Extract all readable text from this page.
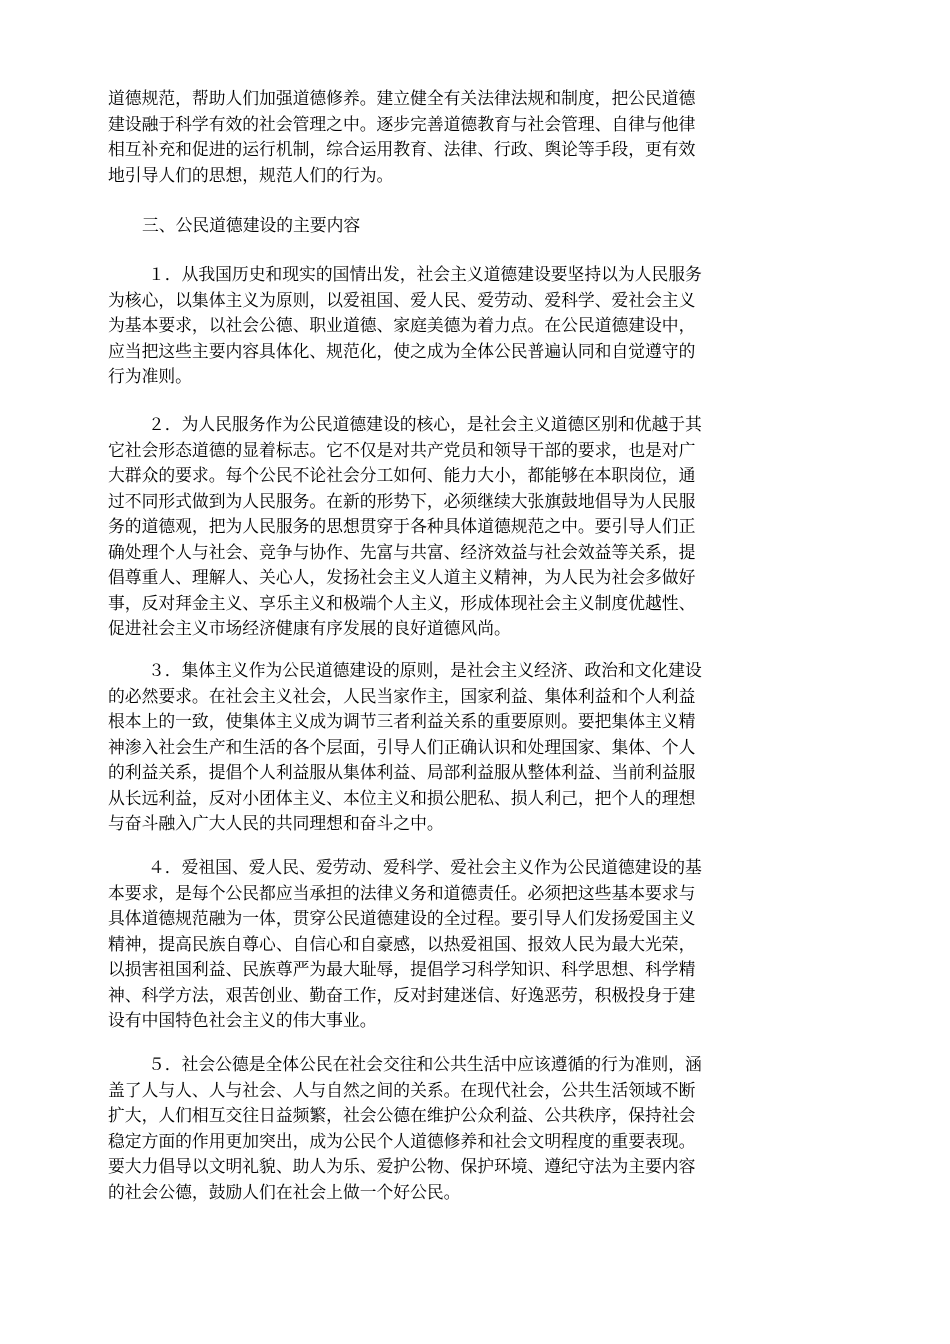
道德规范，帮助人们加强道德修养。建立健全有关法律法规和制度，把公民道德
建设融于科学有效的社会管理之中。逐步完善道德教育与社会管理、自律与他律
相互补充和促进的运行机制，综合运用教育、法律、行政、舆论等手段，更有效
地引导人们的思想，规范人们的行为。
三、公民道德建设的主要内容
１．从我国历史和现实的国情出发，社会主义道德建设要坚持以为人民服务
为核心，以集体主义为原则，以爱祖国、爱人民、爱劳动、爱科学、爱社会主义
为基本要求，以社会公德、职业道德、家庭美德为着力点。在公民道德建设中，
应当把这些主要内容具体化、规范化，使之成为全体公民普遍认同和自觉遵守的
行为准则。
２．为人民服务作为公民道德建设的核心，是社会主义道德区别和优越于其
它社会形态道德的显着标志。它不仅是对共产党员和领导干部的要求，也是对广
大群众的要求。每个公民不论社会分工如何、能力大小，都能够在本职岗位，通
过不同形式做到为人民服务。在新的形势下，必须继续大张旗鼓地倡导为人民服
务的道德观，把为人民服务的思想贯穿于各种具体道德规范之中。要引导人们正
确处理个人与社会、竞争与协作、先富与共富、经济效益与社会效益等关系，提
倡尊重人、理解人、关心人，发扬社会主义人道主义精神，为人民为社会多做好
事，反对拜金主义、享乐主义和极端个人主义，形成体现社会主义制度优越性、
促进社会主义市场经济健康有序发展的良好道德风尚。
３．集体主义作为公民道德建设的原则，是社会主义经济、政治和文化建设
的必然要求。在社会主义社会，人民当家作主，国家利益、集体利益和个人利益
根本上的一致，使集体主义成为调节三者利益关系的重要原则。要把集体主义精
神渗入社会生产和生活的各个层面，引导人们正确认识和处理国家、集体、个人
的利益关系，提倡个人利益服从集体利益、局部利益服从整体利益、当前利益服
从长远利益，反对小团体主义、本位主义和损公肥私、损人利己，把个人的理想
与奋斗融入广大人民的共同理想和奋斗之中。
４．爱祖国、爱人民、爱劳动、爱科学、爱社会主义作为公民道德建设的基
本要求，是每个公民都应当承担的法律义务和道德责任。必须把这些基本要求与
具体道德规范融为一体，贯穿公民道德建设的全过程。要引导人们发扬爱国主义
精神，提高民族自尊心、自信心和自豪感，以热爱祖国、报效人民为最大光荣，
以损害祖国利益、民族尊严为最大耻辱，提倡学习科学知识、科学思想、科学精
神、科学方法，艰苦创业、勤奋工作，反对封建迷信、好逸恶劳，积极投身于建
设有中国特色社会主义的伟大事业。
５．社会公德是全体公民在社会交往和公共生活中应该遵循的行为准则，涵
盖了人与人、人与社会、人与自然之间的关系。在现代社会，公共生活领域不断
扩大，人们相互交往日益频繁，社会公德在维护公众利益、公共秩序，保持社会
稳定方面的作用更加突出，成为公民个人道德修养和社会文明程度的重要表现。
要大力倡导以文明礼貌、助人为乐、爱护公物、保护环境、遵纪守法为主要内容
的社会公德，鼓励人们在社会上做一个好公民。
